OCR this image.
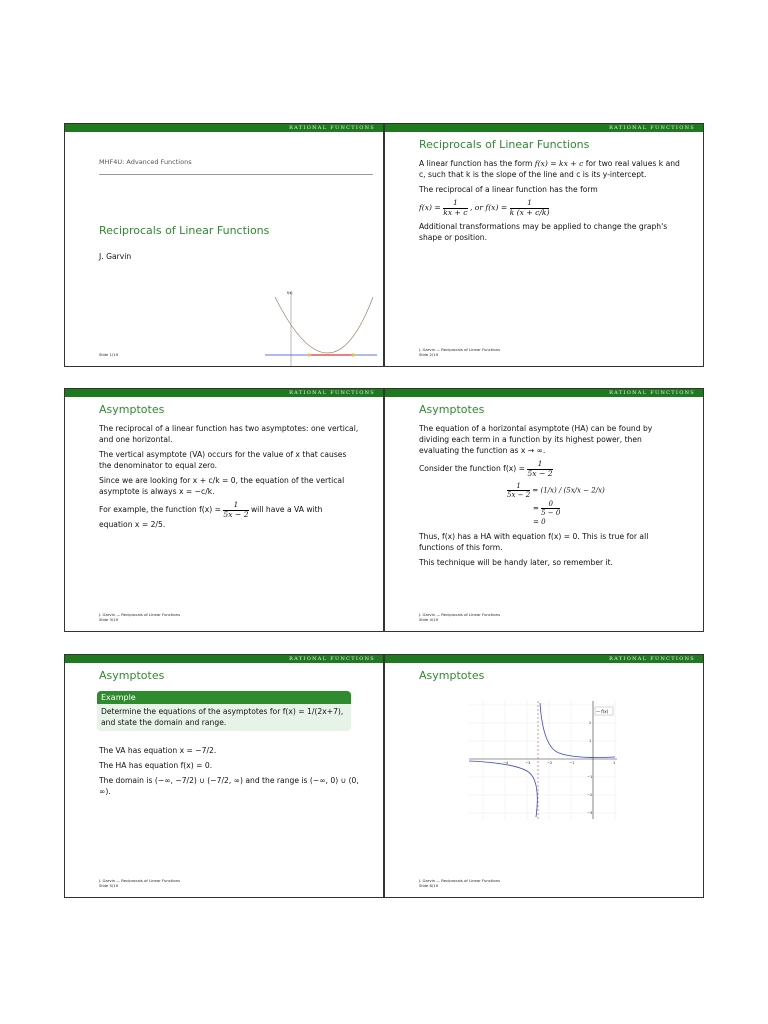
RATIONAL FUNCTIONS
MHF4U: Advanced Functions
Reciprocals of Linear Functions
J. Garvin
f(x)
Slide 1/19
RATIONAL FUNCTIONS
Reciprocals of Linear Functions

A linear function has the form f(x) = kx + c for two real values k and c, such that k is the slope of the line and c is its y-intercept.

The reciprocal of a linear function has the form

$f(x) = \frac{1}{kx + c}$ , or $f(x) = \frac{1}{k (x + c/k)}$

Additional transformations may be applied to change the graph's shape or position.

J. Garvin — Reciprocals of Linear Functions
Slide 2/19
RATIONAL FUNCTIONS
Asymptotes

The reciprocal of a linear function has two asymptotes: one vertical, and one horizontal.

The vertical asymptote (VA) occurs for the value of x that causes the denominator to equal zero.

Since we are looking for x + c/k = 0, the equation of the vertical asymptote is always x = −c/k.

For example, the function $f(x) = \frac{1}{5x - 2}$ will have a VA with
equation x = 2/5.

J. Garvin — Reciprocals of Linear Functions
Slide 3/19
RATIONAL FUNCTIONS
Asymptotes

The equation of a horizontal asymptote (HA) can be found by dividing each term in a function by its highest power, then evaluating the function as x → ∞.

Consider the function $f(x) = \frac{1}{5x - 2}$

$\frac{1}{5x - 2} = (1/x) / (5x/x - 2/x)$
= $\frac{0}{5 - 0}$
= 0

Thus, f(x) has a HA with equation f(x) = 0. This is true for all functions of this form.

This technique will be handy later, so remember it.

J. Garvin — Reciprocals of Linear Functions
Slide 4/19
RATIONAL FUNCTIONS
Asymptotes
Example
Determine the equations of the asymptotes for f(x) = 1/(2x+7), and state the domain and range.

The VA has equation x = −7/2.

The HA has equation f(x) = 0.

The domain is (−∞, −7/2) ∪ (−7/2, ∞) and the range is (−∞, 0) ∪ (0, ∞).

J. Garvin — Reciprocals of Linear Functions
Slide 5/19
RATIONAL FUNCTIONS
Asymptotes
— f(x)
−4	−3	−2	−1	1
2
1
−1
−2
−3
J. Garvin — Reciprocals of Linear Functions
Slide 6/19
